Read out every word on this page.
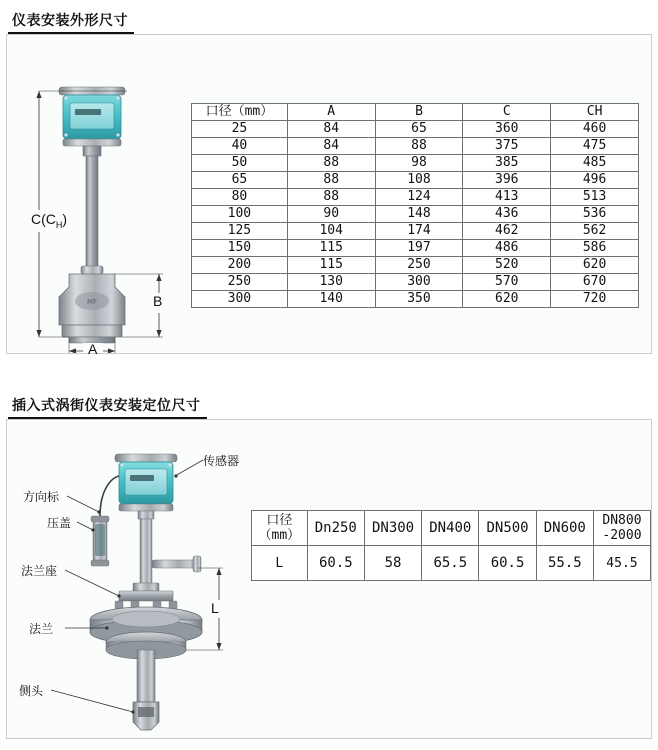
仪表安装外形尺寸
MF
$C(C_H)$
B
A
口径（mm）	A	B	C	CH
25	84	65	360	460
40	84	88	375	475
50	88	98	385	485
65	88	108	396	496
80	88	124	413	513
100	90	148	436	536
125	104	174	462	562
150	115	197	486	586
200	115	250	520	620
250	130	300	570	670
300	140	350	620	720
插入式涡街仪表安装定位尺寸
传感器
方向标
压盖
法兰座
法兰
侧头
L
口径
（mm）	Dn250	DN300	DN400	DN500	DN600	DN800
-2000
L	60.5	58	65.5	60.5	55.5	45.5
